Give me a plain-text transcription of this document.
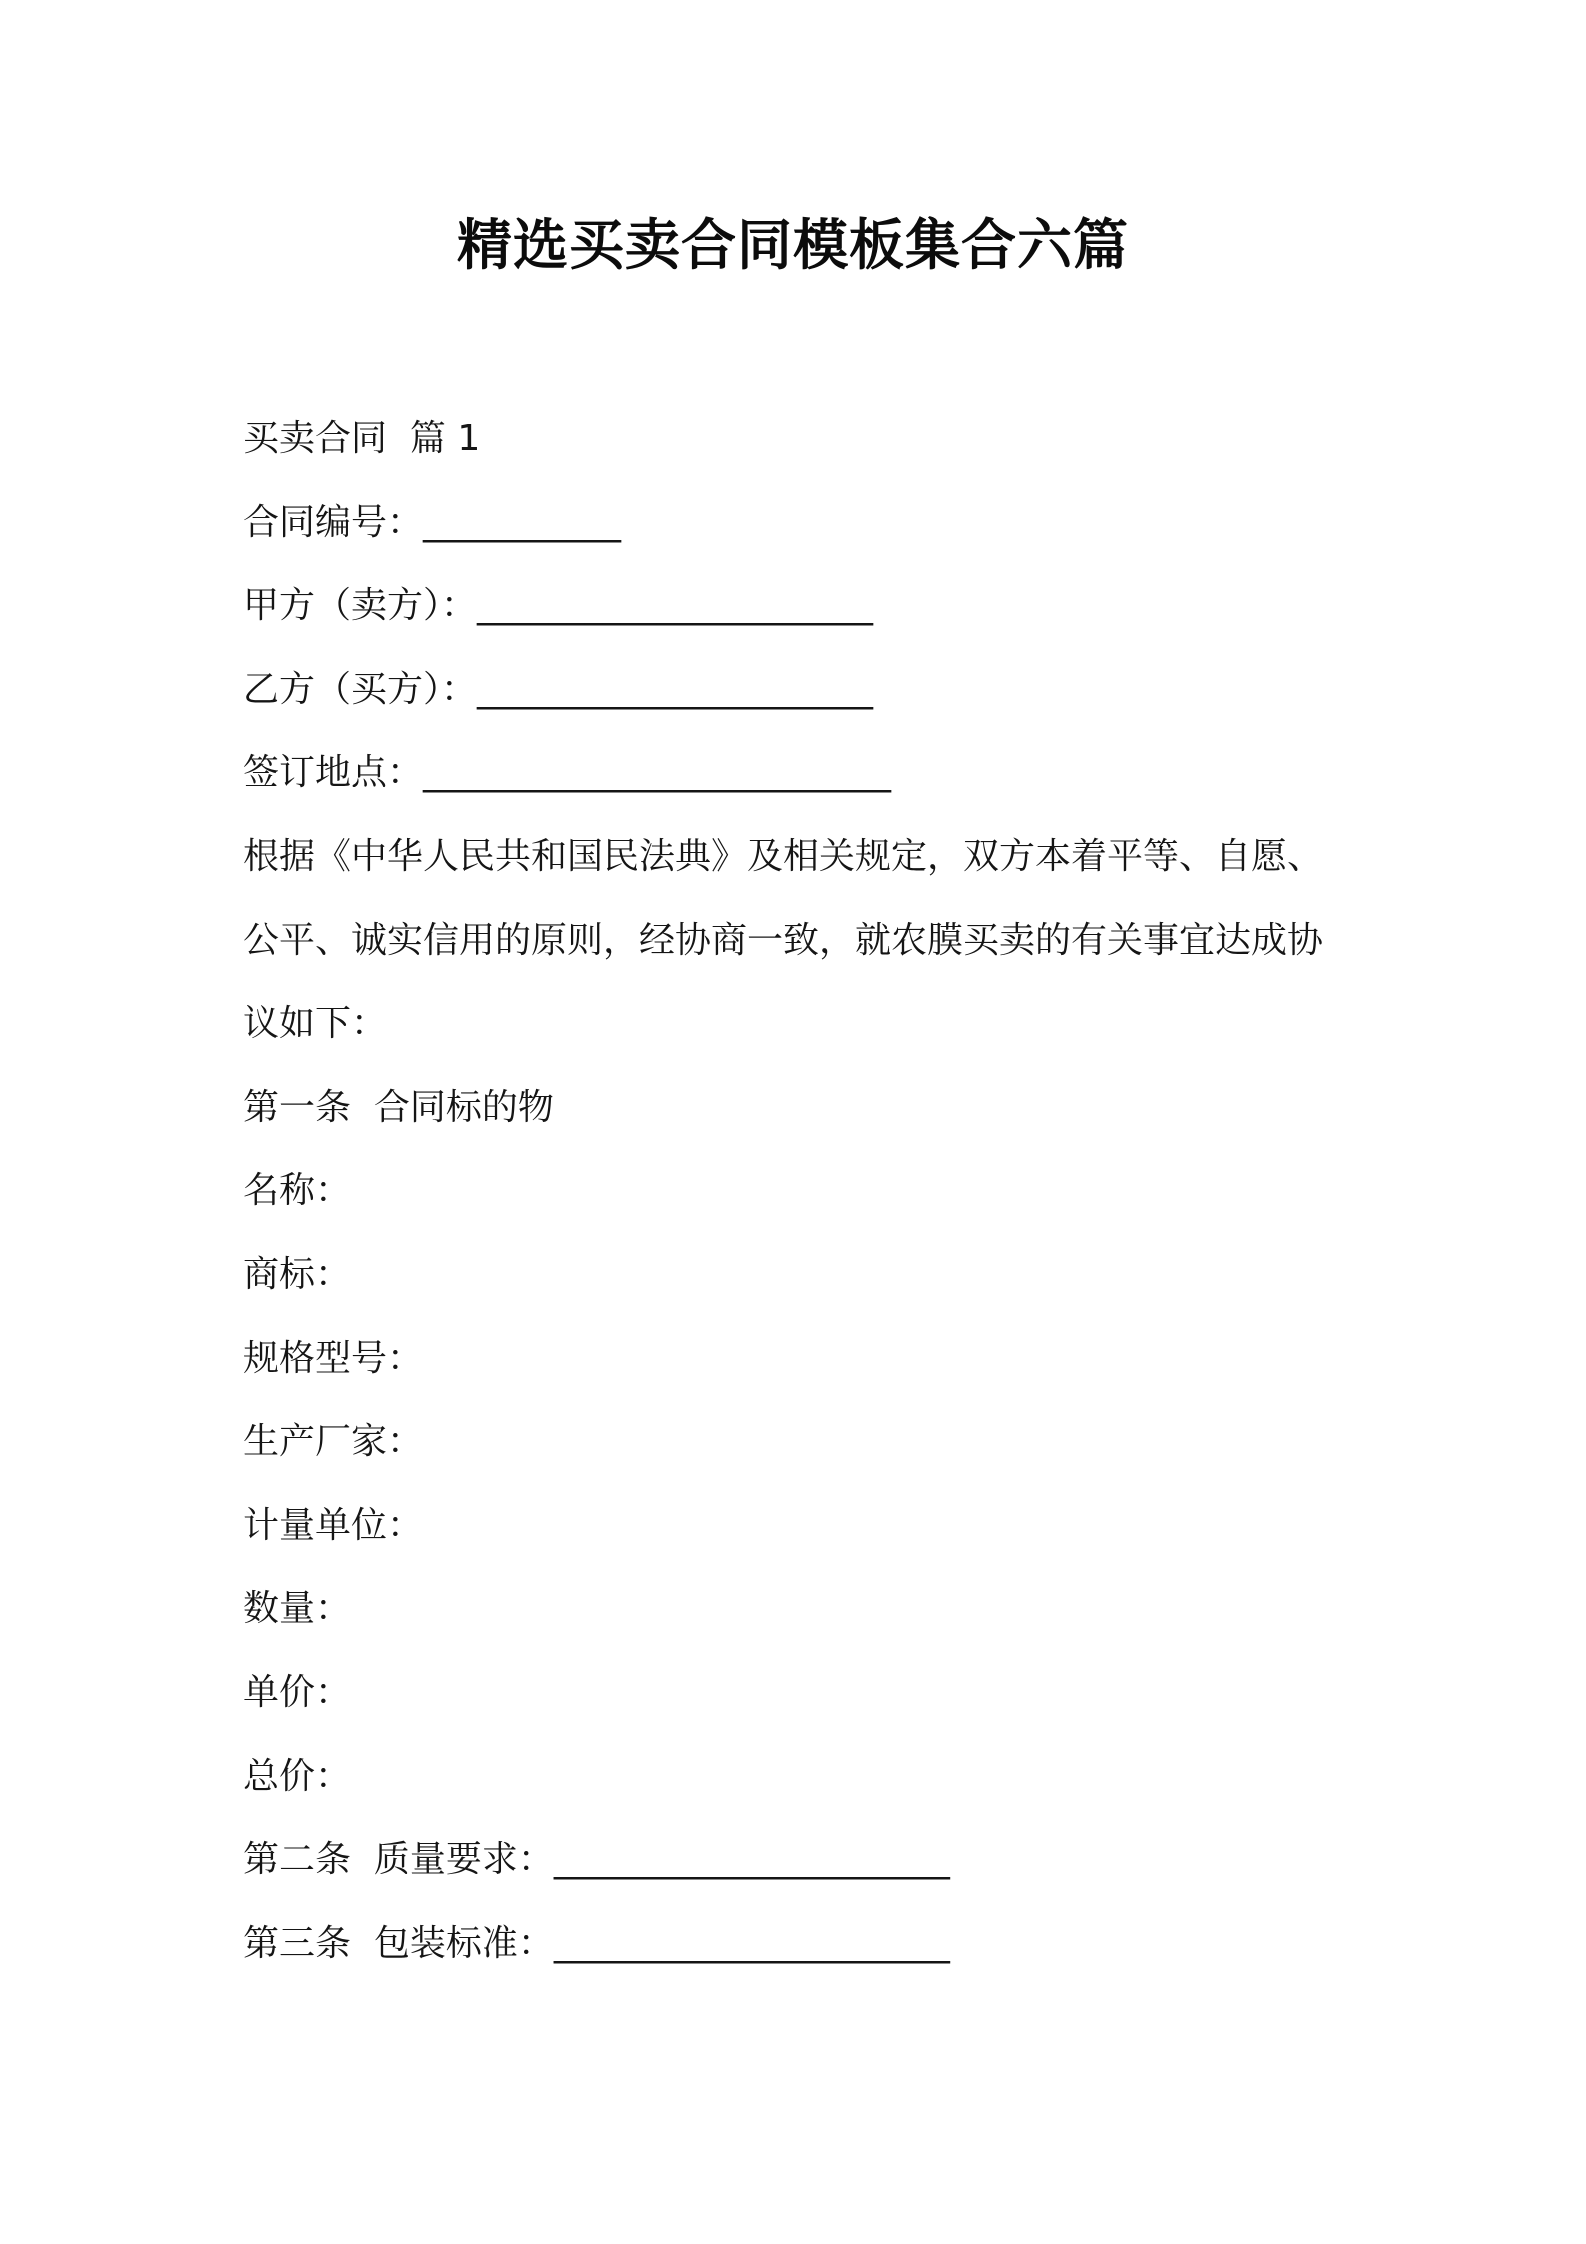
精选买卖合同模板集合六篇
买卖合同  篇 1
合同编号：___________
甲方（卖方）：______________________
乙方（买方）：______________________
签订地点：__________________________
根据《中华人民共和国民法典》及相关规定，双方本着平等、自愿、
公平、诚实信用的原则，经协商一致，就农膜买卖的有关事宜达成协
议如下：
第一条  合同标的物
名称：
商标：
规格型号：
生产厂家：
计量单位：
数量：
单价：
总价：
第二条  质量要求：______________________
第三条  包装标准：______________________
